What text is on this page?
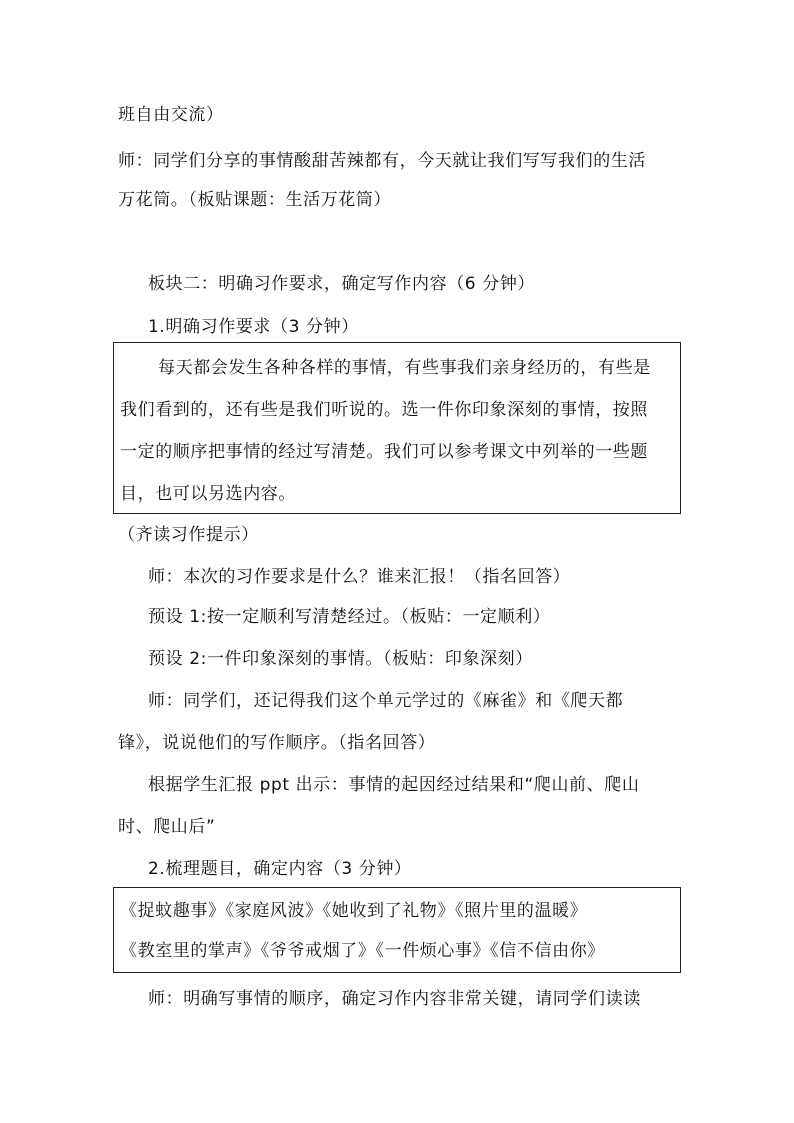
班自由交流）
师：同学们分享的事情酸甜苦辣都有，今天就让我们写写我们的生活
万花筒。（板贴课题：生活万花筒）
板块二：明确习作要求，确定写作内容（6 分钟）
1.明确习作要求（3 分钟）
每天都会发生各种各样的事情，有些事我们亲身经历的，有些是
我们看到的，还有些是我们听说的。选一件你印象深刻的事情，按照
一定的顺序把事情的经过写清楚。我们可以参考课文中列举的一些题
目，也可以另选内容。
（齐读习作提示）
师：本次的习作要求是什么？谁来汇报！（指名回答）
预设 1:按一定顺利写清楚经过。（板贴：一定顺利）
预设 2:一件印象深刻的事情。（板贴：印象深刻）
师：同学们，还记得我们这个单元学过的《麻雀》和《爬天都
锋》，说说他们的写作顺序。（指名回答）
根据学生汇报 ppt 出示：事情的起因经过结果和“爬山前、爬山
时、爬山后”
2.梳理题目，确定内容（3 分钟）
《捉蚊趣事》《家庭风波》《她收到了礼物》《照片里的温暖》
《教室里的掌声》《爷爷戒烟了》《一件烦心事》《信不信由你》
师：明确写事情的顺序，确定习作内容非常关键，请同学们读读
